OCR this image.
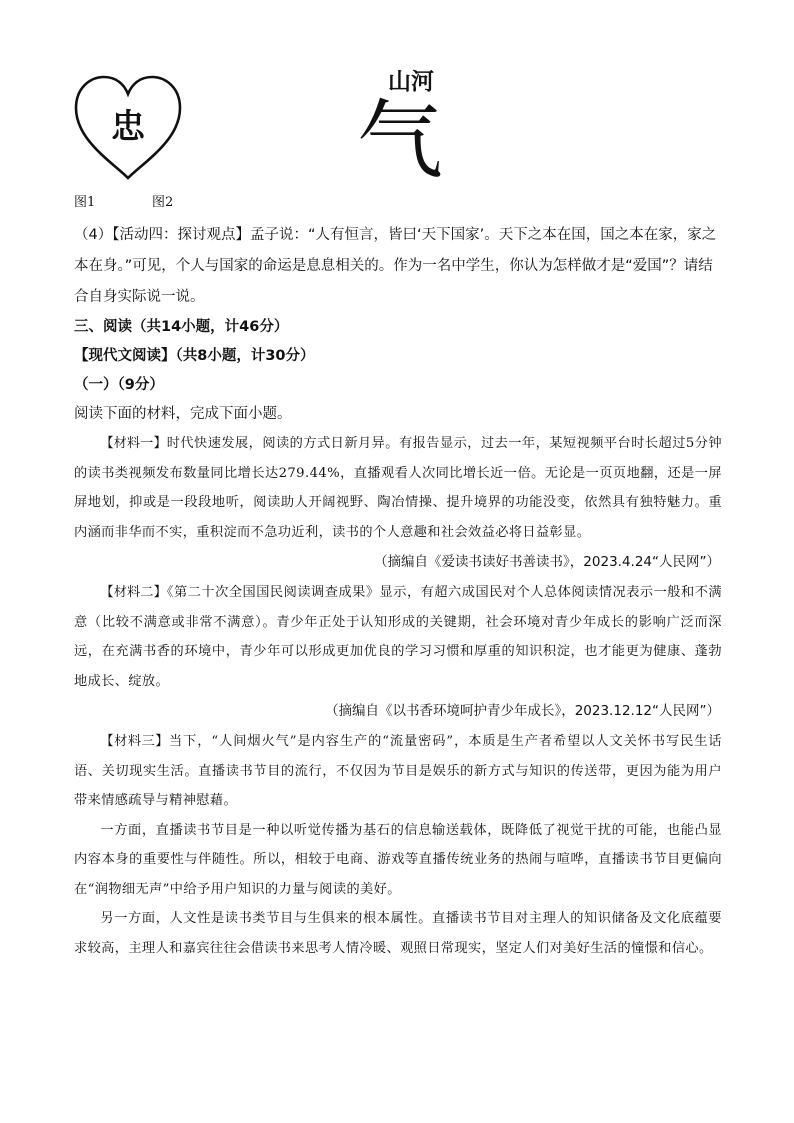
忠
山河
气
图1	图2

（4）【活动四：探讨观点】孟子说：“人有恒言，皆曰‘天下国家’。天下之本在国，国之本在家，家之本在身。”可见，个人与国家的命运是息息相关的。作为一名中学生，你认为怎样做才是“爱国”？请结合自身实际说一说。

三、阅读（共14小题，计46分）

【现代文阅读】（共8小题，计30分）

（一）（9分）

阅读下面的材料，完成下面小题。

【材料一】时代快速发展，阅读的方式日新月异。有报告显示，过去一年，某短视频平台时长超过5分钟的读书类视频发布数量同比增长达279.44%，直播观看人次同比增长近一倍。无论是一页页地翻，还是一屏屏地划，抑或是一段段地听，阅读助人开阔视野、陶冶情操、提升境界的功能没变，依然具有独特魅力。重内涵而非华而不实，重积淀而不急功近利，读书的个人意趣和社会效益必将日益彰显。

（摘编自《爱读书读好书善读书》，2023.4.24“人民网”）

【材料二】《第二十次全国国民阅读调查成果》显示，有超六成国民对个人总体阅读情况表示一般和不满意（比较不满意或非常不满意）。青少年正处于认知形成的关键期，社会环境对青少年成长的影响广泛而深远，在充满书香的环境中，青少年可以形成更加优良的学习习惯和厚重的知识积淀，也才能更为健康、蓬勃地成长、绽放。

（摘编自《以书香环境呵护青少年成长》，2023.12.12“人民网”）

【材料三】当下，“人间烟火气”是内容生产的“流量密码”，本质是生产者希望以人文关怀书写民生话语、关切现实生活。直播读书节目的流行，不仅因为节目是娱乐的新方式与知识的传送带，更因为能为用户带来情感疏导与精神慰藉。

一方面，直播读书节目是一种以听觉传播为基石的信息输送载体，既降低了视觉干扰的可能，也能凸显内容本身的重要性与伴随性。所以，相较于电商、游戏等直播传统业务的热闹与喧哗，直播读书节目更偏向在“润物细无声”中给予用户知识的力量与阅读的美好。

另一方面，人文性是读书类节目与生俱来的根本属性。直播读书节目对主理人的知识储备及文化底蕴要求较高，主理人和嘉宾往往会借读书来思考人情冷暖、观照日常现实，坚定人们对美好生活的憧憬和信心。
